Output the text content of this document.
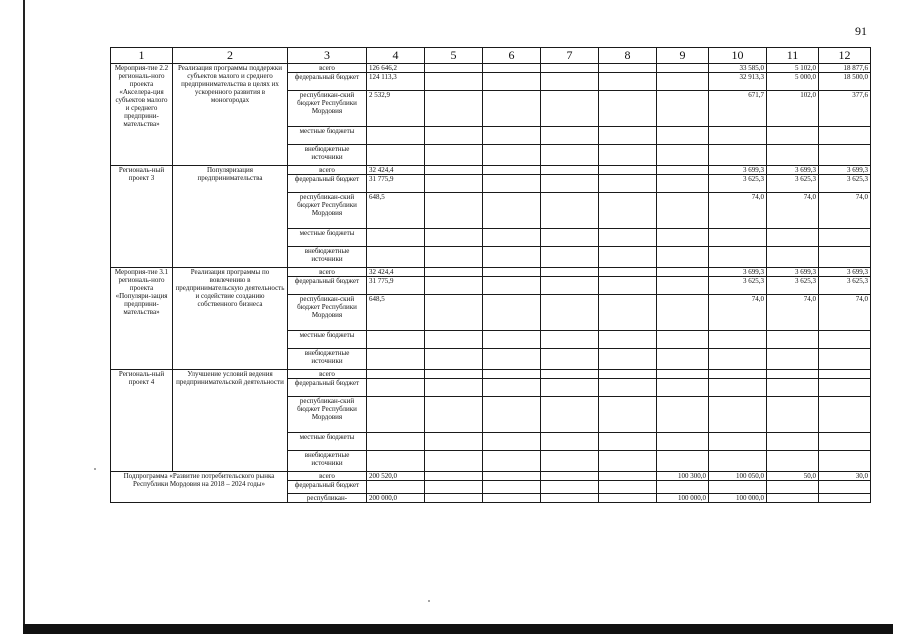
91
1	2	3	4	5	6	7	8	9	10	11	12
Мероприя-тие 2.2 региональ-ного проекта «Акселера-ция субъектов малого и среднего предприни-мательства»	Реализация программы поддержки субъектов малого и среднего предпринимательства в целях их ускоренного развития в моногородах	всего	126 646,2						33 585,0	5 102,0	18 877,6
		федеральный бюджет	124 113,3						32 913,3	5 000,0	18 500,0
		республикан-ский бюджет Республики Мордовия	2 532,9						671,7	102,0	377,6
		местные бюджеты									
		внебюджетные источники									
Региональ-ный проект 3	Популяризация предпринимательства	всего	32 424,4						3 699,3	3 699,3	3 699,3
		федеральный бюджет	31 775,9						3 625,3	3 625,3	3 625,3
		республикан-ский бюджет Республики Мордовия	648,5						74,0	74,0	74,0
		местные бюджеты									
		внебюджетные источники									
Мероприя-тие 3.1 региональ-ного проекта «Популяри-зация предприни-мательства»	Реализация программы по вовлечению в предпринимательскую деятельность и содействие созданию собственного бизнеса	всего	32 424,4						3 699,3	3 699,3	3 699,3
		федеральный бюджет	31 775,9						3 625,3	3 625,3	3 625,3
		республикан-ский бюджет Республики Мордовия	648,5						74,0	74,0	74,0
		местные бюджеты									
		внебюджетные источники									
Региональ-ный проект 4	Улучшение условий ведения предпринимательской деятельности	всего									
		федеральный бюджет									
		республикан-ский бюджет Республики Мордовия									
		местные бюджеты									
		внебюджетные источники									
Подпрограмма «Развитие потребительского рынка Республики Мордовия на 2018 – 2024 годы»		всего	200 520,0					100 300,0	100 050,0	50,0	30,0
		федеральный бюджет									
		республикан-	200 000,0					100 000,0	100 000,0		
